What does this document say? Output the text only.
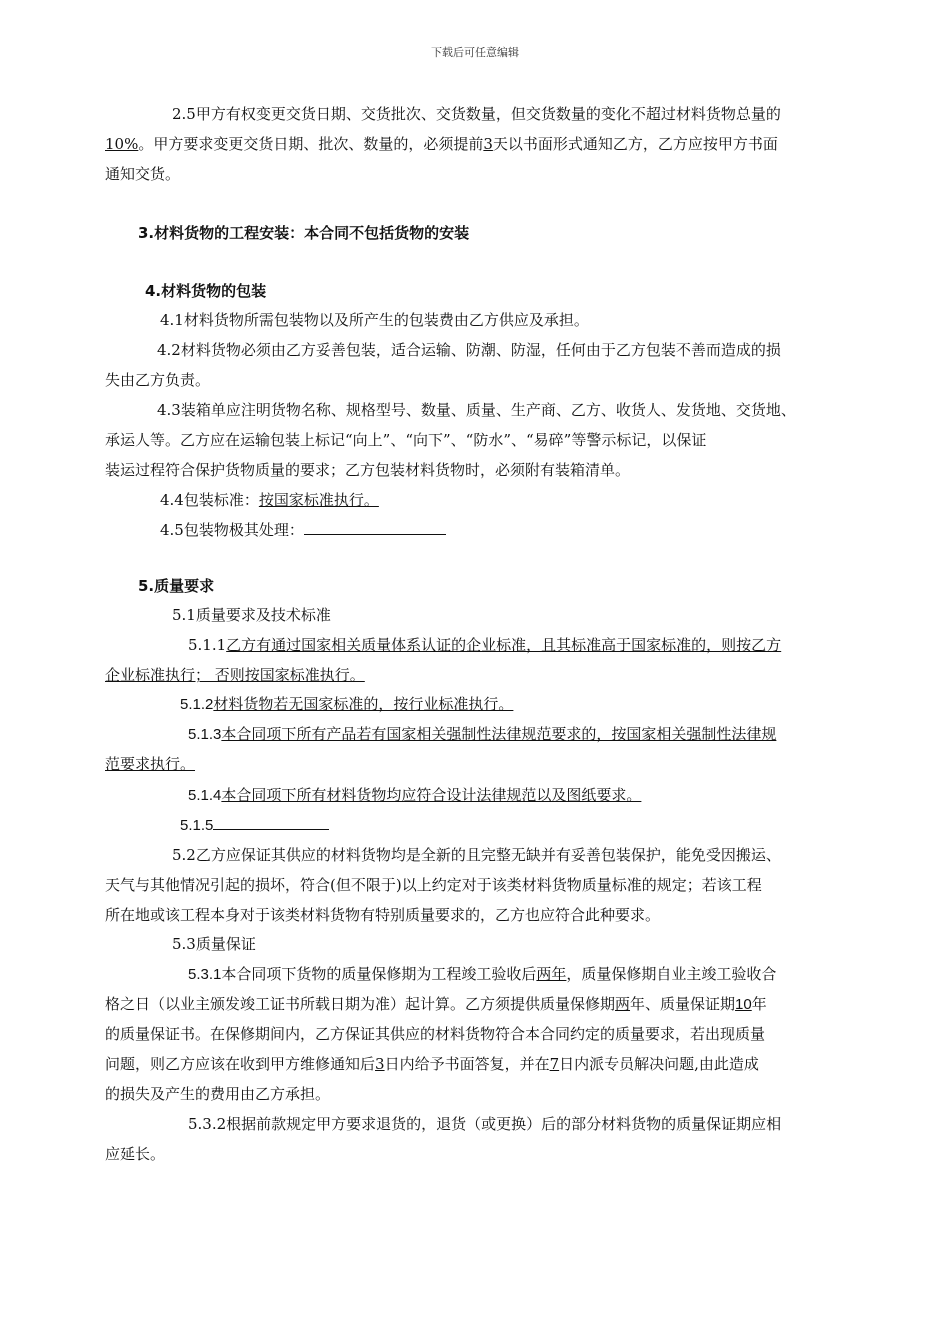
下载后可任意编辑
2.5甲方有权变更交货日期、交货批次、交货数量，但交货数量的变化不超过材料货物总量的
10%。甲方要求变更交货日期、批次、数量的，必须提前3天以书面形式通知乙方，乙方应按甲方书面
通知交货。
3.材料货物的工程安装：本合同不包括货物的安装
4.材料货物的包装
4.1材料货物所需包装物以及所产生的包装费由乙方供应及承担。
4.2材料货物必须由乙方妥善包装，适合运输、防潮、防湿，任何由于乙方包装不善而造成的损
失由乙方负责。
4.3装箱单应注明货物名称、规格型号、数量、质量、生产商、乙方、收货人、发货地、交货地、
承运人等。乙方应在运输包装上标记“向上”、“向下”、“防水”、“易碎”等警示标记，以保证
装运过程符合保护货物质量的要求；乙方包装材料货物时，必须附有装箱清单。
4.4包装标准：按国家标准执行。
4.5包装物极其处理：
5.质量要求
5.1质量要求及技术标准
5.1.1乙方有通过国家相关质量体系认证的企业标准，且其标准高于国家标准的，则按乙方
企业标准执行； 否则按国家标准执行。
5.1.2材料货物若无国家标准的，按行业标准执行。
5.1.3本合同项下所有产品若有国家相关强制性法律规范要求的，按国家相关强制性法律规
范要求执行。
5.1.4本合同项下所有材料货物均应符合设计法律规范以及图纸要求。
5.1.5
5.2乙方应保证其供应的材料货物均是全新的且完整无缺并有妥善包装保护，能免受因搬运、
天气与其他情况引起的损坏，符合(但不限于)以上约定对于该类材料货物质量标准的规定；若该工程
所在地或该工程本身对于该类材料货物有特别质量要求的，乙方也应符合此种要求。
5.3质量保证
5.3.1本合同项下货物的质量保修期为工程竣工验收后两年，质量保修期自业主竣工验收合
格之日（以业主颁发竣工证书所载日期为准）起计算。乙方须提供质量保修期两年、质量保证期10年
的质量保证书。在保修期间内，乙方保证其供应的材料货物符合本合同约定的质量要求，若出现质量
问题，则乙方应该在收到甲方维修通知后3日内给予书面答复，并在7日内派专员解决问题,由此造成
的损失及产生的费用由乙方承担。
5.3.2根据前款规定甲方要求退货的，退货（或更换）后的部分材料货物的质量保证期应相
应延长。
